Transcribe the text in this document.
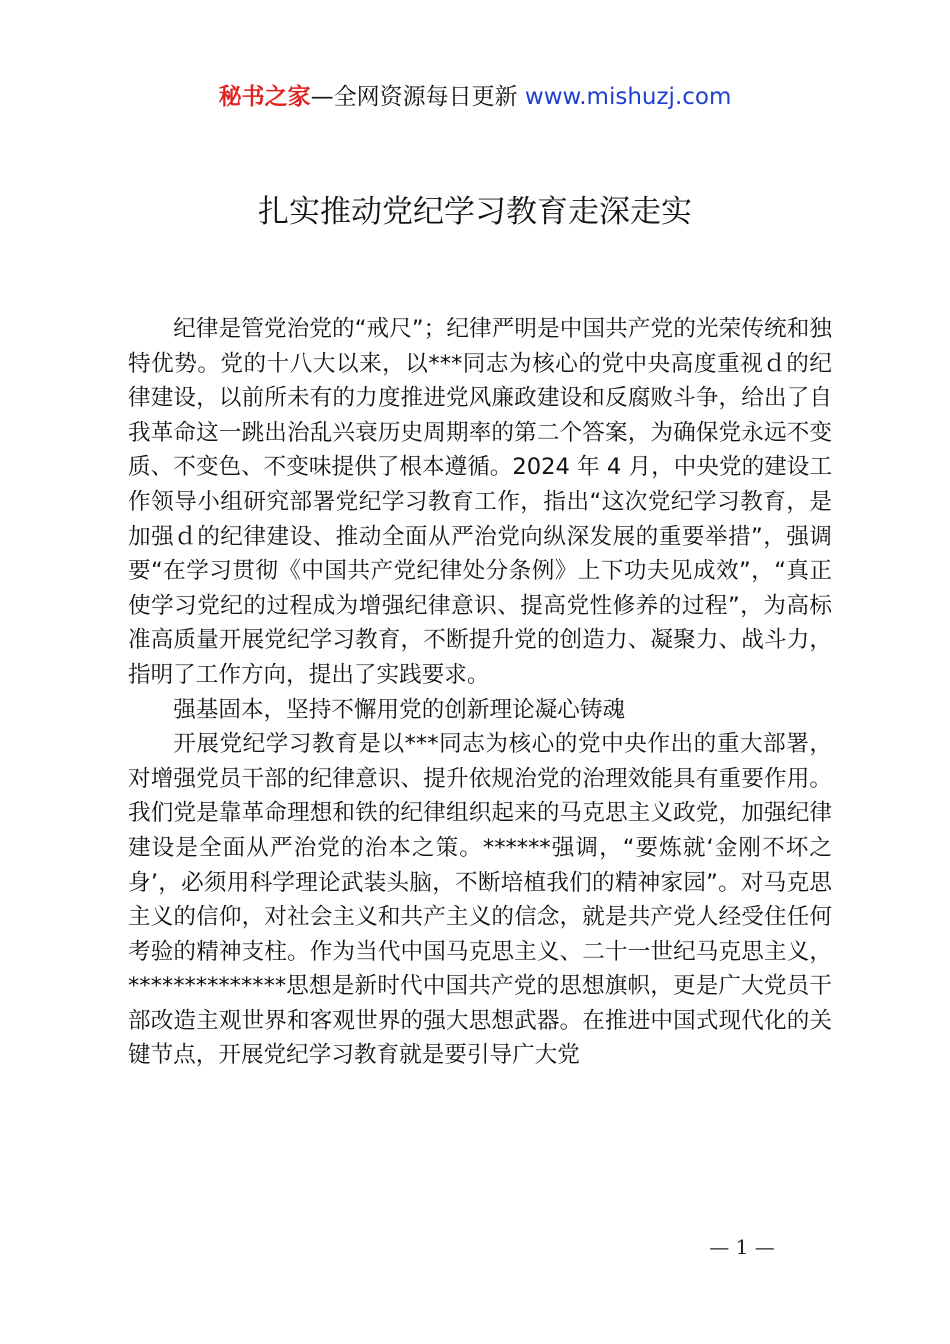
秘书之家—全网资源每日更新 www.mishuzj.com
扎实推动党纪学习教育走深走实

纪律是管党治党的“戒尺”；纪律严明是中国共产党的光荣传统和独特优势。党的十八大以来，以***同志为核心的党中央高度重视ｄ的纪律建设，以前所未有的力度推进党风廉政建设和反腐败斗争，给出了自我革命这一跳出治乱兴衰历史周期率的第二个答案，为确保党永远不变质、不变色、不变味提供了根本遵循。2024 年 4 月，中央党的建设工作领导小组研究部署党纪学习教育工作，指出“这次党纪学习教育，是加强ｄ的纪律建设、推动全面从严治党向纵深发展的重要举措”，强调要“在学习贯彻《中国共产党纪律处分条例》上下功夫见成效”，“真正使学习党纪的过程成为增强纪律意识、提高党性修养的过程”，为高标准高质量开展党纪学习教育，不断提升党的创造力、凝聚力、战斗力，指明了工作方向，提出了实践要求。

强基固本，坚持不懈用党的创新理论凝心铸魂

开展党纪学习教育是以***同志为核心的党中央作出的重大部署，对增强党员干部的纪律意识、提升依规治党的治理效能具有重要作用。我们党是靠革命理想和铁的纪律组织起来的马克思主义政党，加强纪律建设是全面从严治党的治本之策。******强调，“要炼就‘金刚不坏之身’，必须用科学理论武装头脑，不断培植我们的精神家园”。对马克思主义的信仰，对社会主义和共产主义的信念，就是共产党人经受住任何考验的精神支柱。作为当代中国马克思主义、二十一世纪马克思主义，**************思想是新时代中国共产党的思想旗帜，更是广大党员干部改造主观世界和客观世界的强大思想武器。在推进中国式现代化的关键节点，开展党纪学习教育就是要引导广大党

— 1 —
